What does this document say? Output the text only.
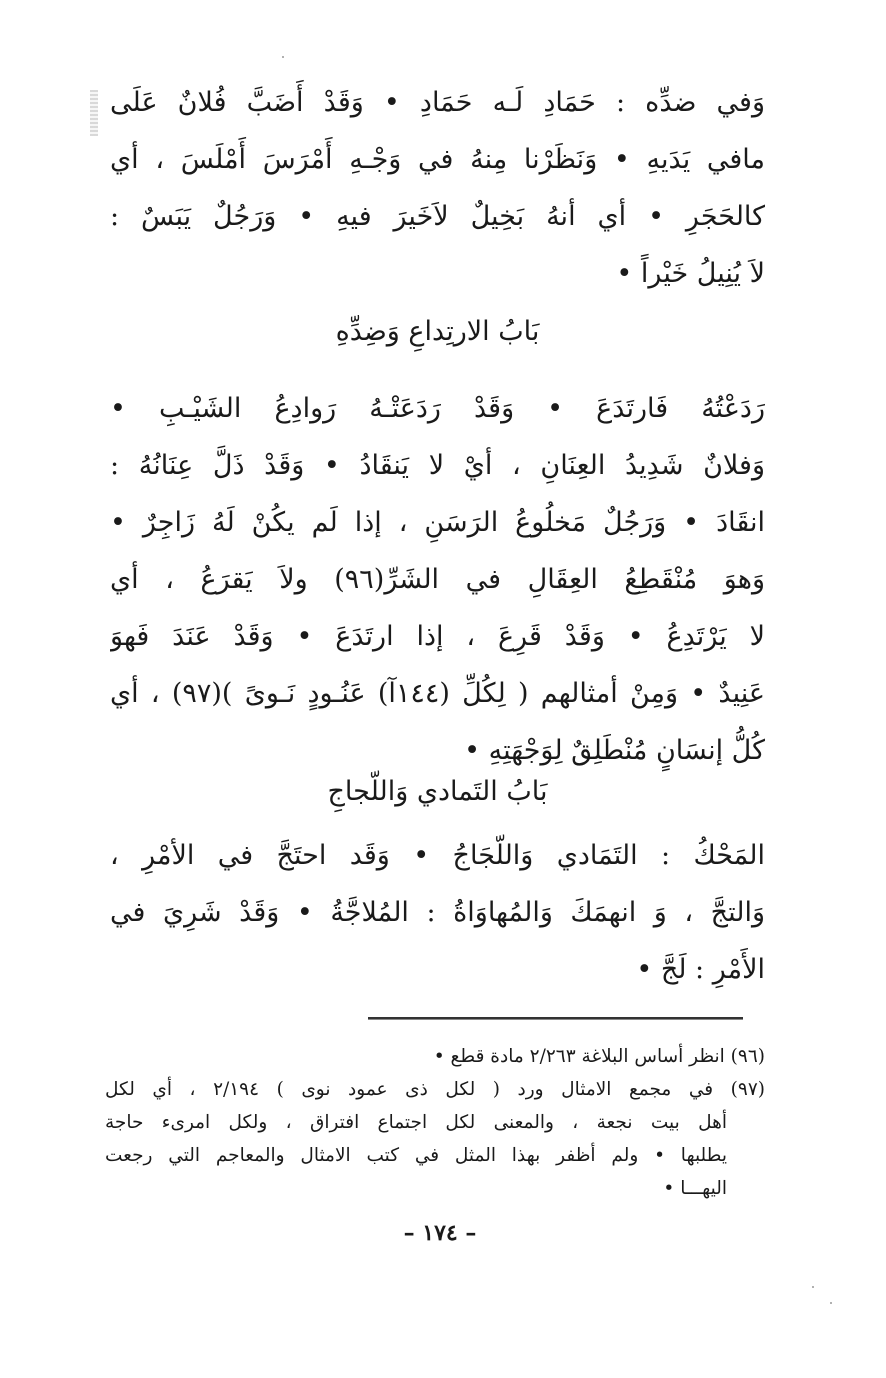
وَفي ضدِّه : حَمَادِ لَـه حَمَادِ • وَقَدْ أَضَبَّ فُلانٌ عَلَى
مافي يَدَيهِ • وَنَظَرْنا مِنهُ في وَجْـهِ أَمْرَسَ أَمْلَسَ ، أي
كالحَجَرِ • أي أنهُ بَخِيلٌ لاَخَيرَ فيهِ • وَرَجُلٌ يَبَسٌ :
لاَ يُنِيلُ خَيْراً •
بَابُ الارتِداعِ وَضِدِّهِ
رَدَعْتُهُ فَارتَدَعَ • وَقَدْ رَدَعَتْـهُ رَوادِعُ الشَيْـبِ •
وَفلانٌ شَدِيدُ العِنَانِ ، أيْ لا يَنقَادُ • وَقَدْ ذَلَّ عِنَانُهُ :
انقَادَ • وَرَجُلٌ مَخلُوعُ الرَسَنِ ، إذا لَم يكُنْ لَهُ زَاجِرٌ •
وَهوَ مُنْقَطِعُ العِقَالِ في الشَرِّ(٩٦) ولاَ يَقرَعُ ، أي
لا يَرْتَدِعُ • وَقَدْ قَرِعَ ، إذا ارتَدَعَ • وَقَدْ عَنَدَ فَهوَ
عَنِيدٌ • وَمِنْ أمثالهم ( لِكُلِّ (١٤٤آ) عَنُـودٍ نَـوىً )(٩٧) ، أي
كُلُّ إنسَانٍ مُنْطَلِقٌ لِوَجْهَتِهِ •
بَابُ التَمادي وَاللّجاجِ
المَحْكُ : التَمَادي وَاللّجَاجُ • وَقَد احتَجَّ في الأمْرِ ،
وَالتجَّ ، وَ انهمَكَ وَالمُهاوَاةُ : المُلاجَّةُ • وَقَدْ شَرِيَ في
الأَمْرِ : لَجَّ •
(٩٦) انظر أساس البلاغة ٢/٢٦٣ مادة قطع •
(٩٧) في مجمع الامثال ورد ( لكل ذى عمود نوى ) ٢/١٩٤ ، أي لكل
أهل بيت نجعة ، والمعنى لكل اجتماع افتراق ، ولكل امرىء حاجة
يطلبها • ولم أظفر بهذا المثل في كتب الامثال والمعاجم التي رجعت
اليهـــا •
– ١٧٤ –
